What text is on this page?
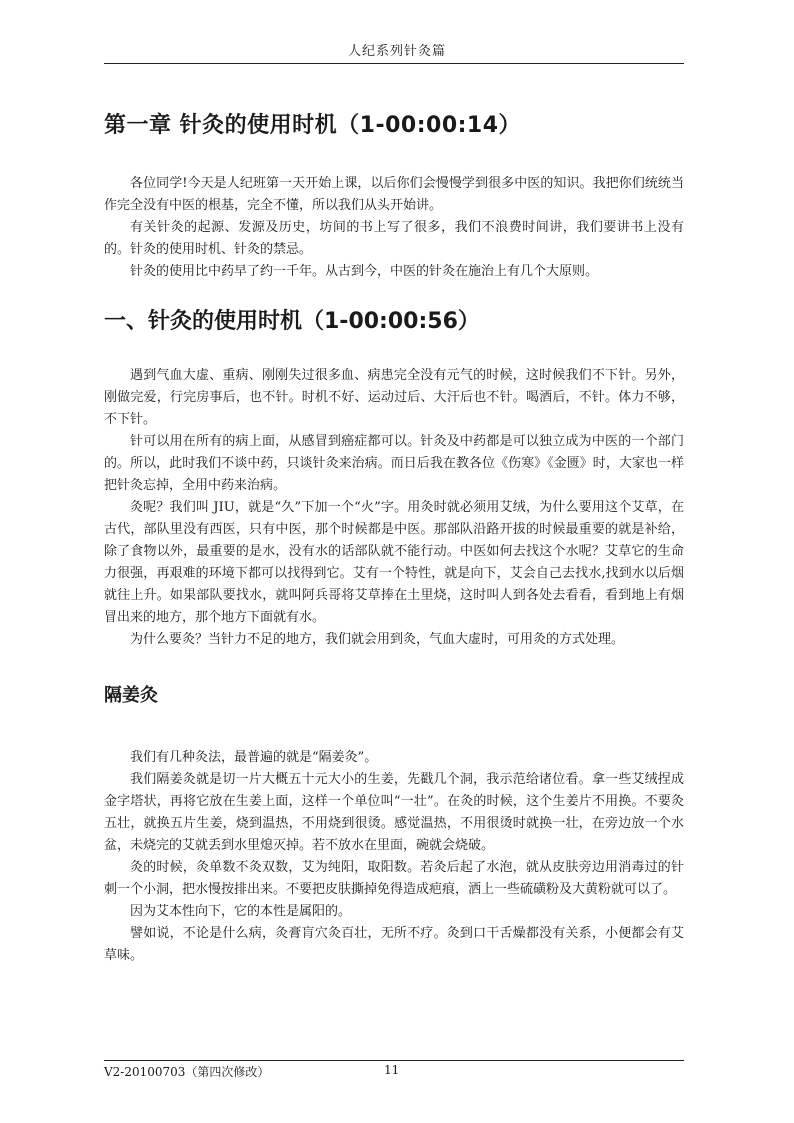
人纪系列针灸篇
第一章 针灸的使用时机（1-00:00:14）

各位同学!今天是人纪班第一天开始上课，以后你们会慢慢学到很多中医的知识。我把你们统统当作完全没有中医的根基，完全不懂，所以我们从头开始讲。

有关针灸的起源、发源及历史，坊间的书上写了很多，我们不浪费时间讲，我们要讲书上没有的。针灸的使用时机、针灸的禁忌。

针灸的使用比中药早了约一千年。从古到今，中医的针灸在施治上有几个大原则。

一、针灸的使用时机（1-00:00:56）

遇到气血大虚、重病、刚刚失过很多血、病患完全没有元气的时候，这时候我们不下针。另外，刚做完爱，行完房事后，也不针。时机不好、运动过后、大汗后也不针。喝酒后，不针。体力不够，不下针。

针可以用在所有的病上面，从感冒到癌症都可以。针灸及中药都是可以独立成为中医的一个部门的。所以，此时我们不谈中药，只谈针灸来治病。而日后我在教各位《伤寒》《金匮》时，大家也一样把针灸忘掉，全用中药来治病。

灸呢？我们叫 JIU，就是“久”下加一个“火”字。用灸时就必须用艾绒，为什么要用这个艾草，在古代，部队里没有西医，只有中医，那个时候都是中医。那部队沿路开拔的时候最重要的就是补给，除了食物以外，最重要的是水，没有水的话部队就不能行动。中医如何去找这个水呢？艾草它的生命力很强，再艰难的环境下都可以找得到它。艾有一个特性，就是向下，艾会自己去找水,找到水以后烟就往上升。如果部队要找水，就叫阿兵哥将艾草捧在土里烧，这时叫人到各处去看看，看到地上有烟冒出来的地方，那个地方下面就有水。

为什么要灸？当针力不足的地方，我们就会用到灸，气血大虚时，可用灸的方式处理。

隔姜灸

我们有几种灸法，最普遍的就是“隔姜灸”。

我们隔姜灸就是切一片大概五十元大小的生姜，先戳几个洞，我示范给诸位看。拿一些艾绒捏成金字塔状，再将它放在生姜上面，这样一个单位叫“一壮”。在灸的时候，这个生姜片不用换。不要灸五壮，就换五片生姜，烧到温热，不用烧到很烫。感觉温热，不用很烫时就换一壮，在旁边放一个水盆，未烧完的艾就丢到水里熄灭掉。若不放水在里面，碗就会烧破。

灸的时候，灸单数不灸双数，艾为纯阳，取阳数。若灸后起了水泡，就从皮肤旁边用消毒过的针刺一个小洞，把水慢按排出来。不要把皮肤撕掉免得造成疤痕，洒上一些硫磺粉及大黄粉就可以了。

因为艾本性向下，它的本性是属阳的。

譬如说，不论是什么病，灸膏肓穴灸百壮，无所不疗。灸到口干舌燥都没有关系，小便都会有艾草味。

V2-20100703（第四次修改）	11
